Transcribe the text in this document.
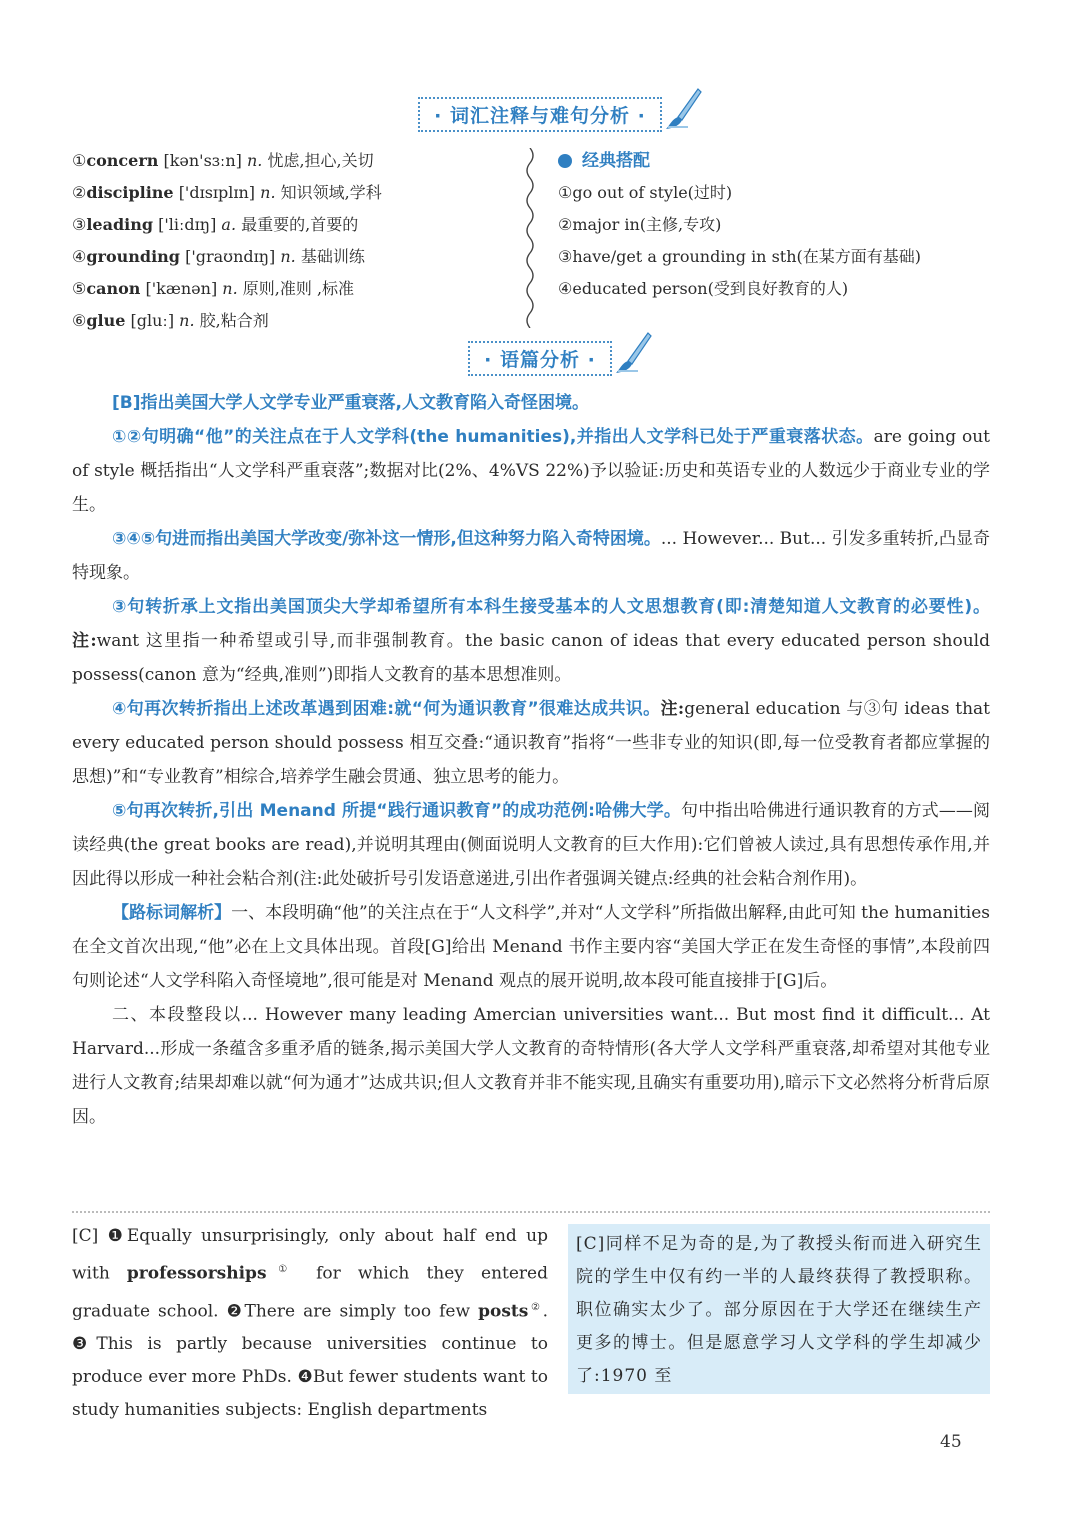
· 词汇注释与难句分析 ·
①concern [kən'sɜːn] n. 忧虑,担心,关切
②discipline ['dɪsɪplɪn] n. 知识领域,学科
③leading ['liːdɪŋ] a. 最重要的,首要的
④grounding ['graʊndɪŋ] n. 基础训练
⑤canon ['kænən] n. 原则,准则 ,标准
⑥glue [gluː] n. 胶,粘合剂
经典搭配
①go out of style(过时)
②major in(主修,专攻)
③have/get a grounding in sth(在某方面有基础)
④educated person(受到良好教育的人)
· 语篇分析 ·

[B]指出美国大学人文学专业严重衰落,人文教育陷入奇怪困境。

①②句明确“他”的关注点在于人文学科(the humanities),并指出人文学科已处于严重衰落状态。are going out of style 概括指出“人文学科严重衰落”;数据对比(2%、4%VS 22%)予以验证:历史和英语专业的人数远少于商业专业的学生。

③④⑤句进而指出美国大学改变/弥补这一情形,但这种努力陷入奇特困境。... However... But... 引发多重转折,凸显奇特现象。

③句转折承上文指出美国顶尖大学却希望所有本科生接受基本的人文思想教育(即:清楚知道人文教育的必要性)。注:want 这里指一种希望或引导,而非强制教育。the basic canon of ideas that every educated person should possess(canon 意为“经典,准则”)即指人文教育的基本思想准则。

④句再次转折指出上述改革遇到困难:就“何为通识教育”很难达成共识。注:general education 与③句 ideas that every educated person should possess 相互交叠:“通识教育”指将“一些非专业的知识(即,每一位受教育者都应掌握的思想)”和“专业教育”相综合,培养学生融会贯通、独立思考的能力。

⑤句再次转折,引出 Menand 所提“践行通识教育”的成功范例:哈佛大学。句中指出哈佛进行通识教育的方式——阅读经典(the great books are read),并说明其理由(侧面说明人文教育的巨大作用):它们曾被人读过,具有思想传承作用,并因此得以形成一种社会粘合剂(注:此处破折号引发语意递进,引出作者强调关键点:经典的社会粘合剂作用)。

【路标词解析】一、本段明确“他”的关注点在于“人文科学”,并对“人文学科”所指做出解释,由此可知 the humanities 在全文首次出现,“他”必在上文具体出现。首段[G]给出 Menand 书作主要内容“美国大学正在发生奇怪的事情”,本段前四句则论述“人文学科陷入奇怪境地”,很可能是对 Menand 观点的展开说明,故本段可能直接排于[G]后。

二、本段整段以... However many leading Amercian universities want... But most find it difficult... At Harvard...形成一条蕴含多重矛盾的链条,揭示美国大学人文教育的奇特情形(各大学人文学科严重衰落,却希望对其他专业进行人文教育;结果却难以就“何为通才”达成共识;但人文教育并非不能实现,且确实有重要功用),暗示下文必然将分析背后原因。

[C] ❶Equally unsurprisingly, only about half end up with professorships① for which they entered graduate school. ❷There are simply too few posts②. ❸This is partly because universities continue to produce ever more PhDs. ❹But fewer students want to study humanities subjects: English departments
[C]同样不足为奇的是,为了教授头衔而进入研究生院的学生中仅有约一半的人最终获得了教授职称。职位确实太少了。部分原因在于大学还在继续生产更多的博士。但是愿意学习人文学科的学生却减少了:1970 至
45
